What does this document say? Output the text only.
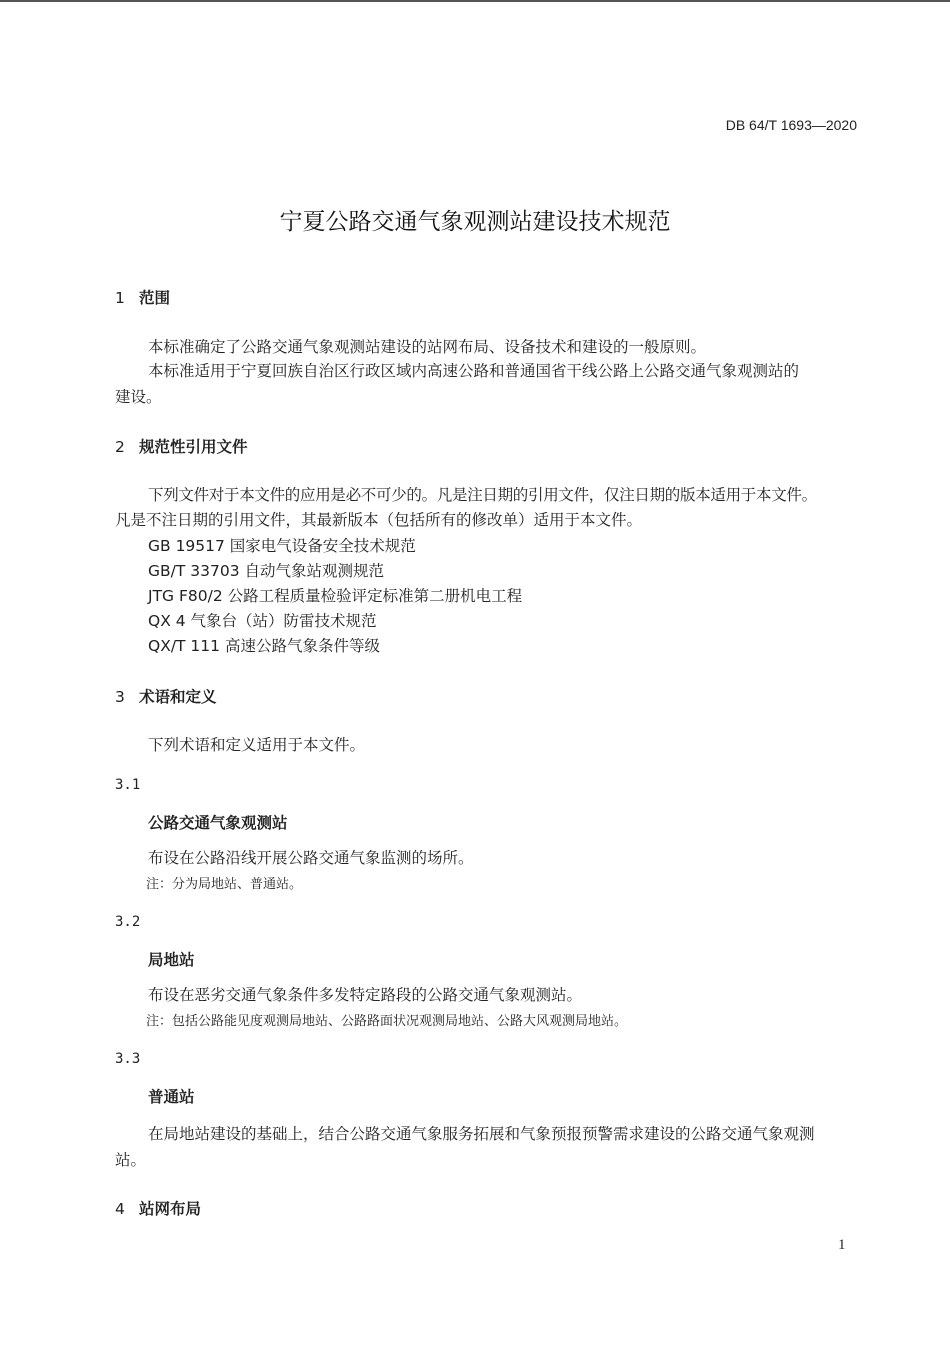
DB 64/T 1693—2020
宁夏公路交通气象观测站建设技术规范
1 范围
本标准确定了公路交通气象观测站建设的站网布局、设备技术和建设的一般原则。
本标准适用于宁夏回族自治区行政区域内高速公路和普通国省干线公路上公路交通气象观测站的
建设。
2 规范性引用文件
下列文件对于本文件的应用是必不可少的。凡是注日期的引用文件，仅注日期的版本适用于本文件。
凡是不注日期的引用文件，其最新版本（包括所有的修改单）适用于本文件。
GB 19517 国家电气设备安全技术规范
GB/T 33703 自动气象站观测规范
JTG F80/2 公路工程质量检验评定标准第二册机电工程
QX 4 气象台（站）防雷技术规范
QX/T 111 高速公路气象条件等级
3 术语和定义
下列术语和定义适用于本文件。
3.1
公路交通气象观测站
布设在公路沿线开展公路交通气象监测的场所。
注：分为局地站、普通站。
3.2
局地站
布设在恶劣交通气象条件多发特定路段的公路交通气象观测站。
注：包括公路能见度观测局地站、公路路面状况观测局地站、公路大风观测局地站。
3.3
普通站
在局地站建设的基础上，结合公路交通气象服务拓展和气象预报预警需求建设的公路交通气象观测
站。
4 站网布局
1
